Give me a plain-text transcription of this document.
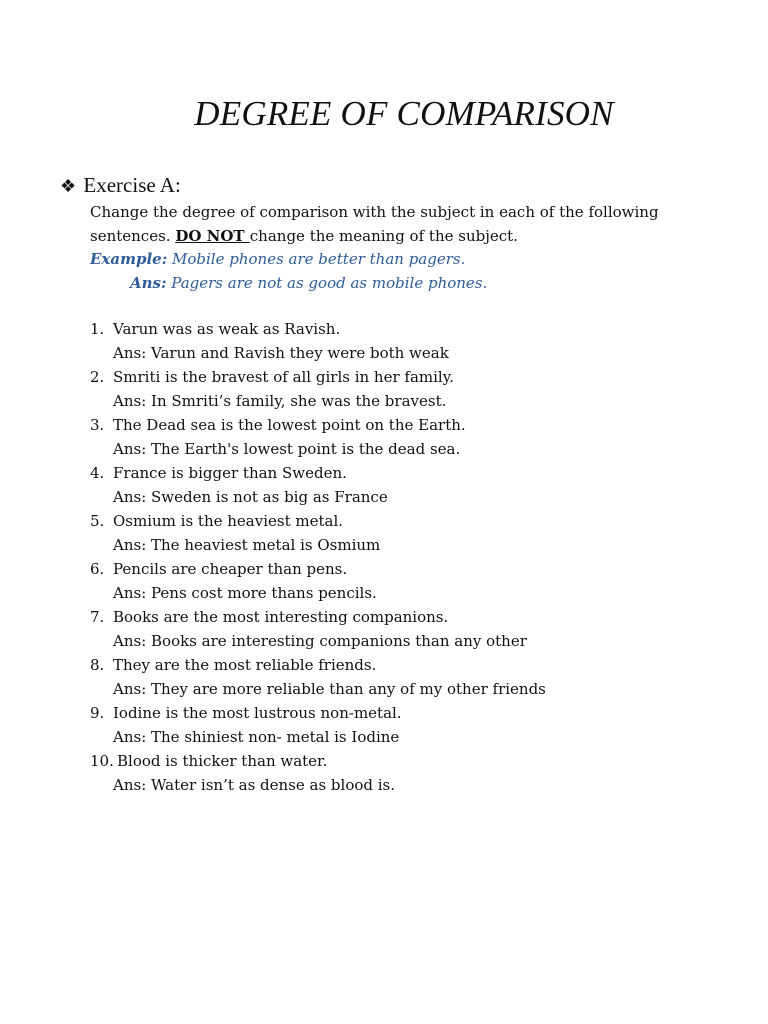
DEGREE OF COMPARISON
❖ Exercise A:
Change the degree of comparison with the subject in each of the following
sentences. DO NOT change the meaning of the subject.
Example: Mobile phones are better than pagers.
Ans: Pagers are not as good as mobile phones.
1. Varun was as weak as Ravish.
Ans: Varun and Ravish they were both weak
2. Smriti is the bravest of all girls in her family.
Ans: In Smriti’s family, she was the bravest.
3. The Dead sea is the lowest point on the Earth.
Ans: The Earth's lowest point is the dead sea.
4. France is bigger than Sweden.
Ans: Sweden is not as big as France
5. Osmium is the heaviest metal.
Ans: The heaviest metal is Osmium
6. Pencils are cheaper than pens.
Ans: Pens cost more thans pencils.
7. Books are the most interesting companions.
Ans: Books are interesting companions than any other
8. They are the most reliable friends.
Ans: They are more reliable than any of my other friends
9. Iodine is the most lustrous non-metal.
Ans: The shiniest non- metal is Iodine
10. Blood is thicker than water.
Ans: Water isn’t as dense as blood is.
